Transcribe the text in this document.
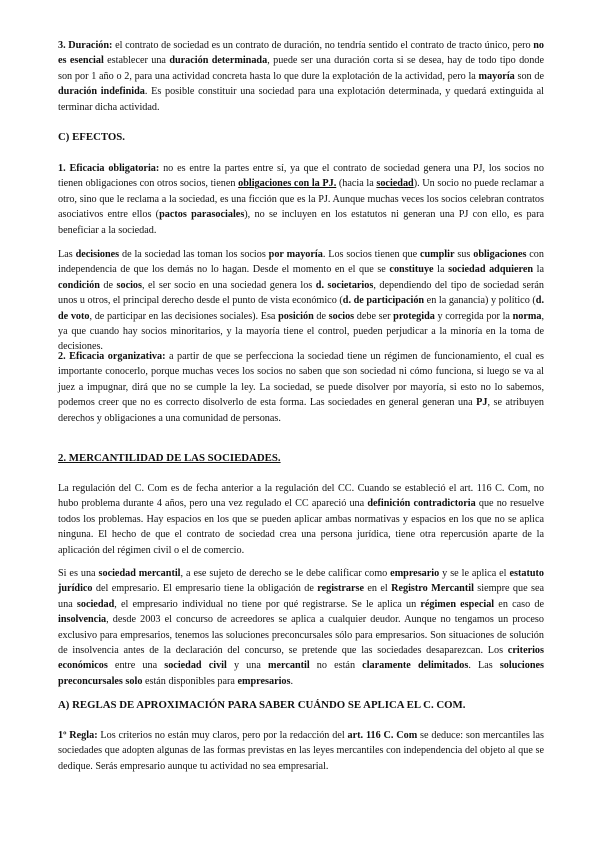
3. Duración: el contrato de sociedad es un contrato de duración, no tendría sentido el contrato de tracto único, pero no es esencial establecer una duración determinada, puede ser una duración corta si se desea, hay de todo tipo donde son por 1 año o 2, para una actividad concreta hasta lo que dure la explotación de la actividad, pero la mayoría son de duración indefinida. Es posible constituir una sociedad para una explotación determinada, y quedará extinguida al terminar dicha actividad.

C) EFECTOS.

1. Eficacia obligatoria: no es entre la partes entre sí, ya que el contrato de sociedad genera una PJ, los socios no tienen obligaciones con otros socios, tienen obligaciones con la PJ. (hacia la sociedad). Un socio no puede reclamar a otro, sino que le reclama a la sociedad, es una ficción que es la PJ. Aunque muchas veces los socios celebran contratos asociativos entre ellos (pactos parasociales), no se incluyen en los estatutos ni generan una PJ con ello, es para beneficiar a la sociedad.

Las decisiones de la sociedad las toman los socios por mayoría. Los socios tienen que cumplir sus obligaciones con independencia de que los demás no lo hagan. Desde el momento en el que se constituye la sociedad adquieren la condición de socios, el ser socio en una sociedad genera los d. societarios, dependiendo del tipo de sociedad serán unos u otros, el principal derecho desde el punto de vista económico (d. de participación en la ganancia) y político (d. de voto, de participar en las decisiones sociales). Esa posición de socios debe ser protegida y corregida por la norma, ya que cuando hay socios minoritarios, y la mayoría tiene el control, pueden perjudicar a la minoría en la toma de decisiones.

2. Eficacia organizativa: a partir de que se perfecciona la sociedad tiene un régimen de funcionamiento, el cual es importante conocerlo, porque muchas veces los socios no saben que son sociedad ni cómo funciona, si luego se va al juez a impugnar, dirá que no se cumple la ley. La sociedad, se puede disolver por mayoría, si esto no lo sabemos, podemos creer que no es correcto disolverlo de esta forma. Las sociedades en general generan una PJ, se atribuyen derechos y obligaciones a una comunidad de personas.

2. MERCANTILIDAD DE LAS SOCIEDADES.

La regulación del C. Com es de fecha anterior a la regulación del CC. Cuando se estableció el art. 116 C. Com, no hubo problema durante 4 años, pero una vez regulado el CC apareció una definición contradictoria que no resuelve todos los problemas. Hay espacios en los que se pueden aplicar ambas normativas y espacios en los que no se aplica ninguna. El hecho de que el contrato de sociedad crea una persona jurídica, tiene otra repercusión aparte de la aplicación del régimen civil o el de comercio.

Si es una sociedad mercantil, a ese sujeto de derecho se le debe calificar como empresario y se le aplica el estatuto jurídico del empresario. El empresario tiene la obligación de registrarse en el Registro Mercantil siempre que sea una sociedad, el empresario individual no tiene por qué registrarse. Se le aplica un régimen especial en caso de insolvencia, desde 2003 el concurso de acreedores se aplica a cualquier deudor. Aunque no tengamos un proceso exclusivo para empresarios, tenemos las soluciones preconcursales sólo para empresarios. Son situaciones de solución de insolvencia antes de la declaración del concurso, se pretende que las sociedades desaparezcan. Los criterios económicos entre una sociedad civil y una mercantil no están claramente delimitados. Las soluciones preconcursales solo están disponibles para empresarios.

A) REGLAS DE APROXIMACIÓN PARA SABER CUÁNDO SE APLICA EL C. COM.

1º Regla: Los criterios no están muy claros, pero por la redacción del art. 116 C. Com se deduce: son mercantiles las sociedades que adopten algunas de las formas previstas en las leyes mercantiles con independencia del objeto al que se dedique. Serás empresario aunque tu actividad no sea empresarial.
